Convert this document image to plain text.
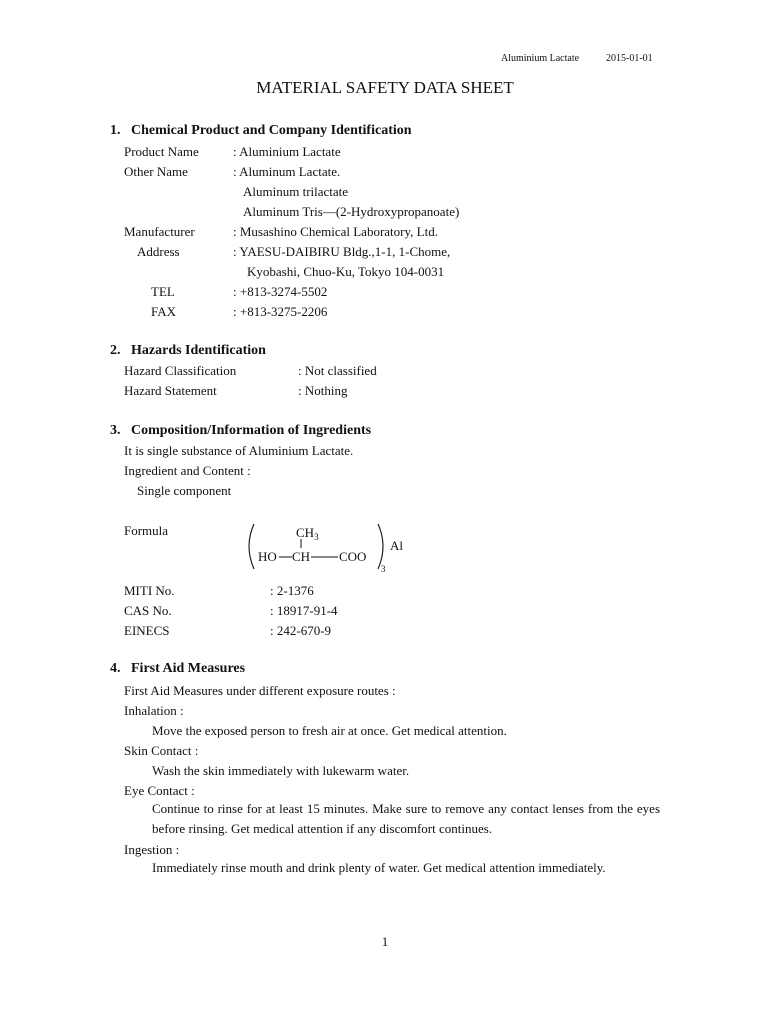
Aluminium Lactate	2015-01-01
MATERIAL SAFETY DATA SHEET
1.   Chemical Product and Company Identification
Product Name	: Aluminium Lactate
Other Name	: Aluminum Lactate.
Aluminum trilactate
Aluminum Tris―(2-Hydroxypropanoate)
Manufacturer	: Musashino Chemical Laboratory, Ltd.
Address	: YAESU-DAIBIRU Bldg.,1-1, 1-Chome,
Kyobashi, Chuo-Ku, Tokyo 104-0031
TEL	: +813-3274-5502
FAX	: +813-3275-2206
2.   Hazards Identification
Hazard Classification	: Not classified
Hazard Statement	: Nothing
3.   Composition/Information of Ingredients
It is single substance of Aluminium Lactate.
Ingredient and Content :
Single component
Formula	$CH_3$
HO CH COO
3
Al
MITI No.	: 2-1376
CAS No.	: 18917-91-4
EINECS	: 242-670-9
4.   First Aid Measures
First Aid Measures under different exposure routes :
Inhalation :
Move the exposed person to fresh air at once. Get medical attention.
Skin Contact :
Wash the skin immediately with lukewarm water.
Eye Contact :
Continue to rinse for at least 15 minutes. Make sure to remove any contact lenses from the eyes before rinsing. Get medical attention if any discomfort continues.
Ingestion :
Immediately rinse mouth and drink plenty of water. Get medical attention immediately.
1
